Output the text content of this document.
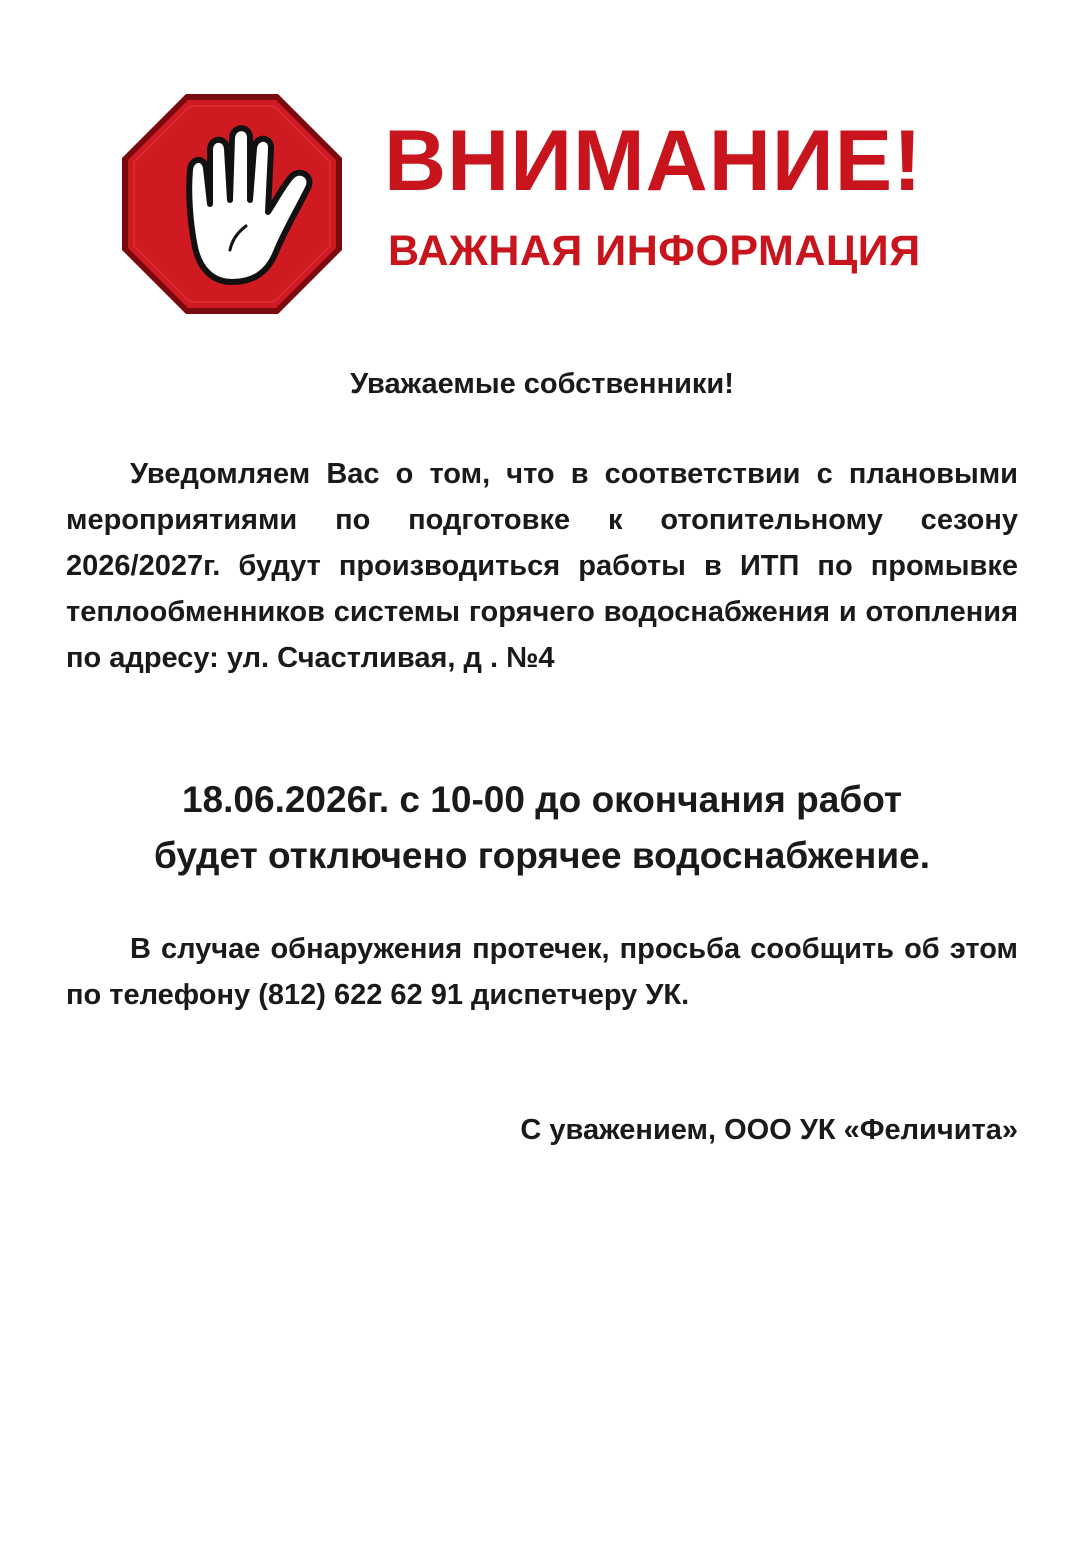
ВНИМАНИЕ!
ВАЖНАЯ ИНФОРМАЦИЯ
Уважаемые собственники!

Уведомляем Вас о том, что в соответствии с плановыми мероприятиями по подготовке к отопительному сезону 2026/2027г. будут производиться работы в ИТП по промывке теплообменников системы горячего водоснабжения и отопления по адресу: ул. Счастливая, д . №4

18.06.2026г. с 10-00 до окончания работ
будет отключено горячее водоснабжение.

В случае обнаружения протечек, просьба сообщить об этом по телефону (812) 622 62 91 диспетчеру УК.

С уважением, ООО УК «Феличита»
